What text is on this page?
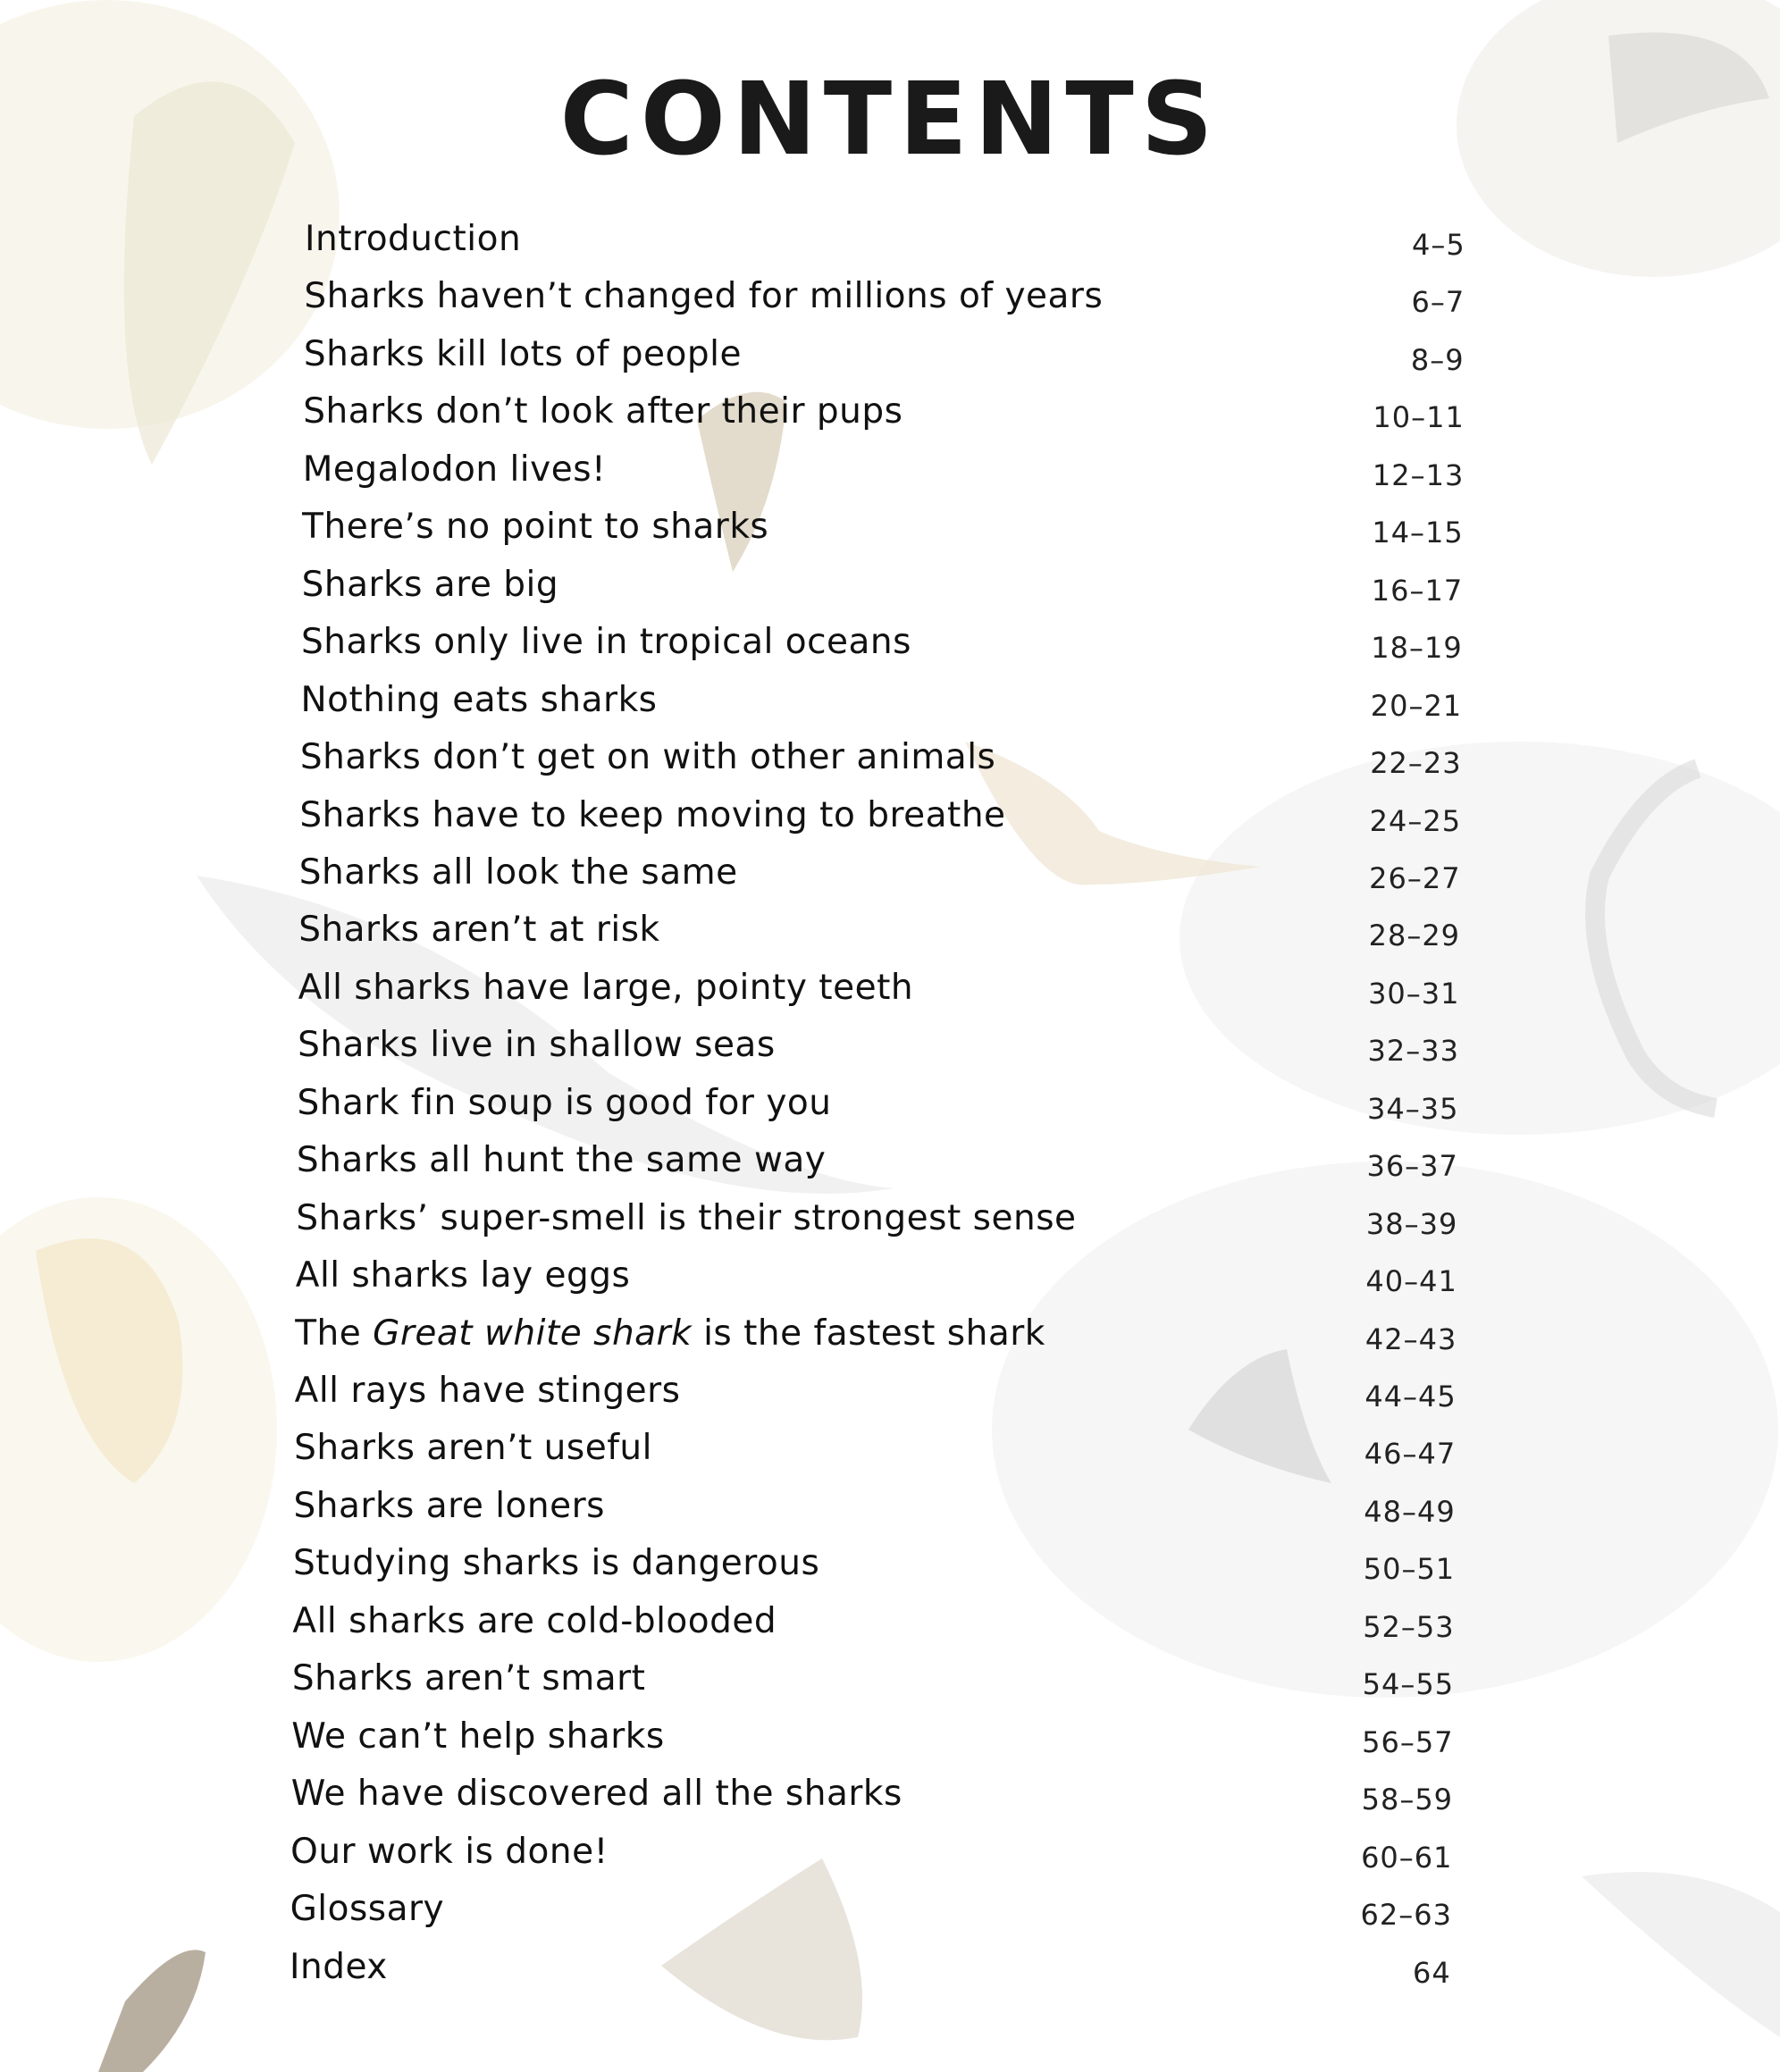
CONTENTS
Introduction	4–5
Sharks haven’t changed for millions of years	6–7
Sharks kill lots of people	8–9
Sharks don’t look after their pups	10–11
Megalodon lives!	12–13
There’s no point to sharks	14–15
Sharks are big	16–17
Sharks only live in tropical oceans	18–19
Nothing eats sharks	20–21
Sharks don’t get on with other animals	22–23
Sharks have to keep moving to breathe	24–25
Sharks all look the same	26–27
Sharks aren’t at risk	28–29
All sharks have large, pointy teeth	30–31
Sharks live in shallow seas	32–33
Shark fin soup is good for you	34–35
Sharks all hunt the same way	36–37
Sharks’ super-smell is their strongest sense	38–39
All sharks lay eggs	40–41
The Great white shark is the fastest shark	42–43
All rays have stingers	44–45
Sharks aren’t useful	46–47
Sharks are loners	48–49
Studying sharks is dangerous	50–51
All sharks are cold-blooded	52–53
Sharks aren’t smart	54–55
We can’t help sharks	56–57
We have discovered all the sharks	58–59
Our work is done!	60–61
Glossary	62–63
Index	64
